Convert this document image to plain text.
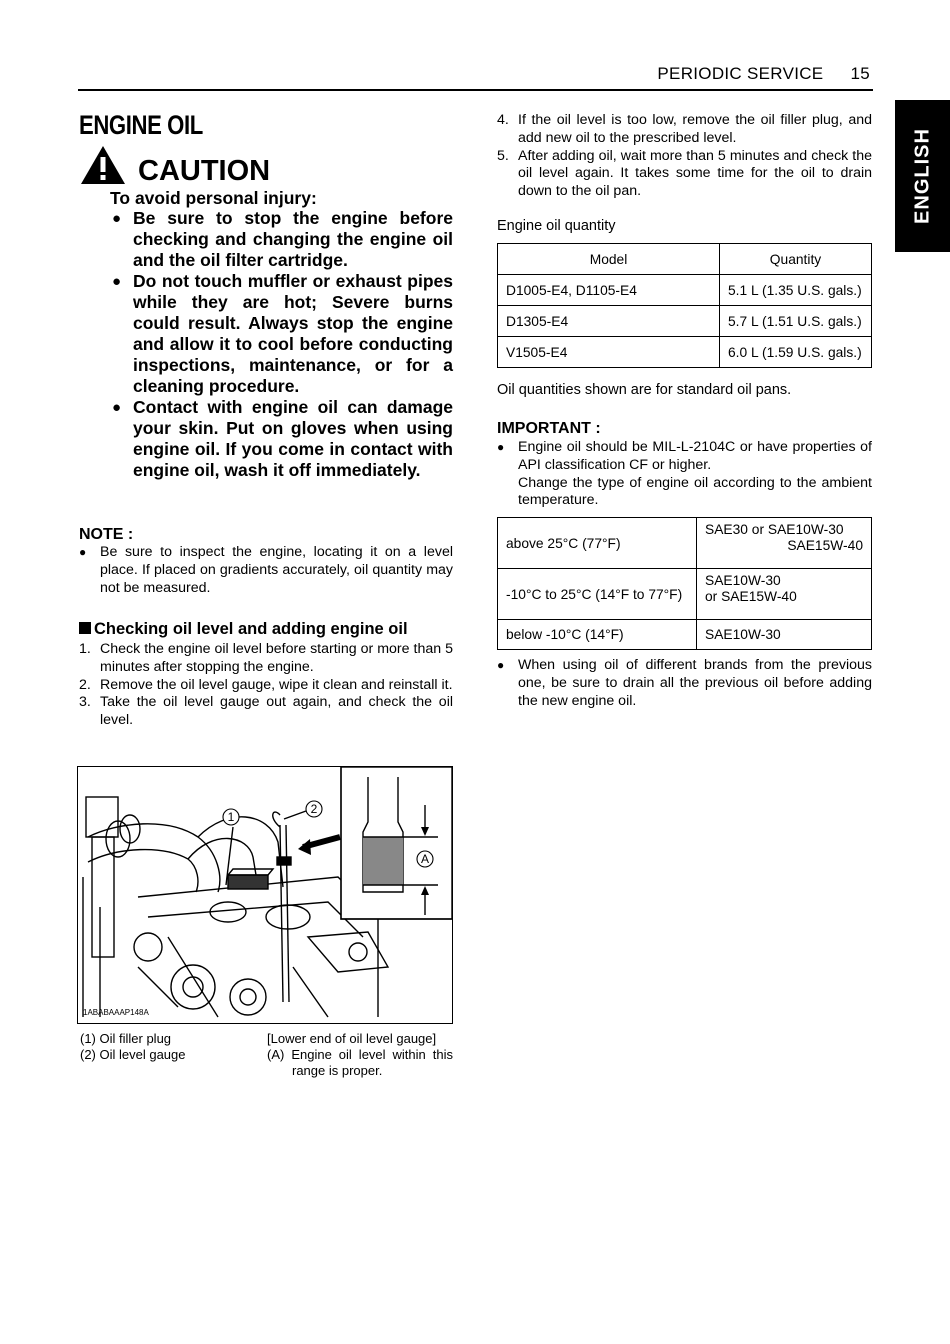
PERIODIC SERVICE 15
ENGLISH
ENGINE OIL
CAUTION
To avoid personal injury:

● Be sure to stop the engine before checking and changing the engine oil and the oil filter cartridge.

● Do not touch muffler or exhaust pipes while they are hot; Severe burns could result. Always stop the engine and allow it to cool before conducting inspections, maintenance, or for a cleaning procedure.

● Contact with engine oil can damage your skin. Put on gloves when using engine oil. If you come in contact with engine oil, wash it off immediately.

NOTE :

● Be sure to inspect the engine, locating it on a level place. If placed on gradients accurately, oil quantity may not be measured.

Checking oil level and adding engine oil

1. Check the engine oil level before starting or more than 5 minutes after stopping the engine.

2. Remove the oil level gauge, wipe it clean and reinstall it.

3. Take the oil level gauge out again, and check the oil level.

1
2
A
1ABABAAAP148A
(1) Oil filler plug
(2) Oil level gauge
[Lower end of oil level gauge]
(A) Engine oil level within this range is proper.

4. If the oil level is too low, remove the oil filler plug, and add new oil to the prescribed level.

5. After adding oil, wait more than 5 minutes and check the oil level again. It takes some time for the oil to drain down to the oil pan.

Engine oil quantity
Model	Quantity
D1005-E4, D1105-E4	5.1 L (1.35 U.S. gals.)
D1305-E4	5.7 L (1.51 U.S. gals.)
V1505-E4	6.0 L (1.59 U.S. gals.)
Oil quantities shown are for standard oil pans.
IMPORTANT :

● Engine oil should be MIL-L-2104C or have properties of API classification CF or higher.
Change the type of engine oil according to the ambient temperature.

above 25°C (77°F)	SAE30 or SAE10W-30
SAE15W-40

-10°C to 25°C (14°F to 77°F)	SAE10W-30
or SAE15W-40

below -10°C (14°F)	SAE10W-30

● When using oil of different brands from the previous one, be sure to drain all the previous oil before adding the new engine oil.
